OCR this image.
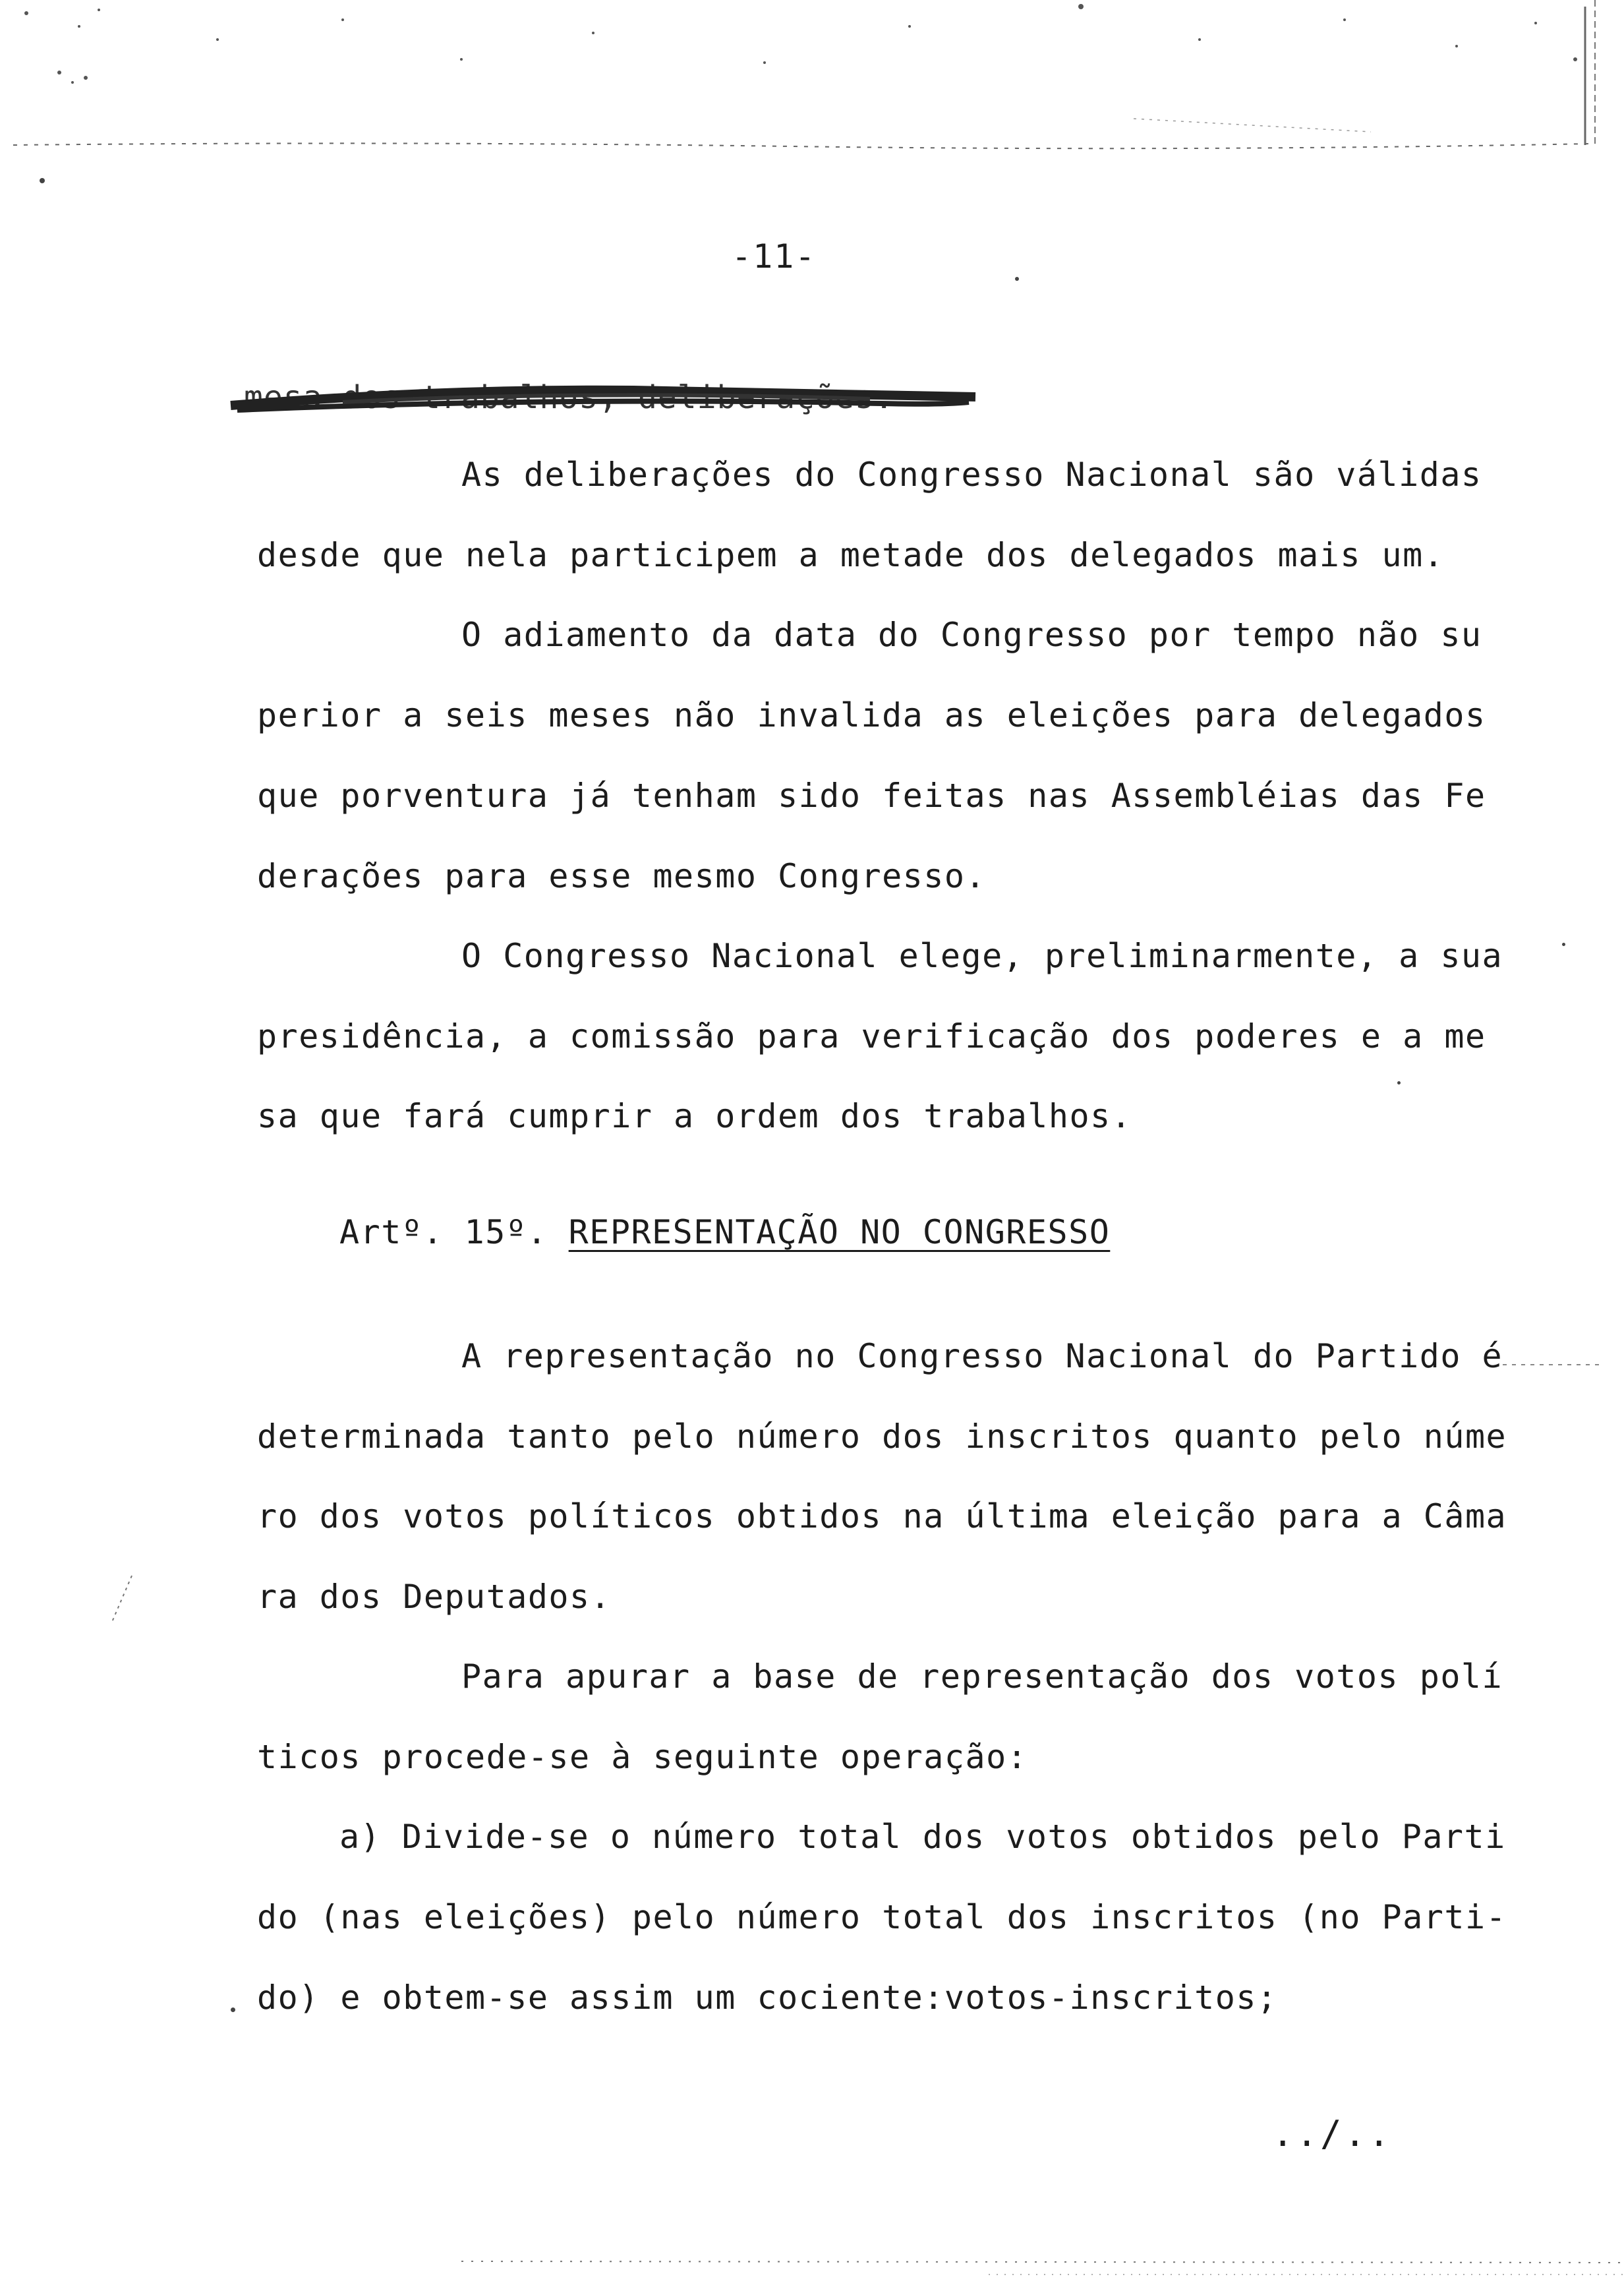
-11-
mesa dos trabalhos, deliberações.
As deliberações do Congresso Nacional são válidas
desde que nela participem a metade dos delegados mais um.
O adiamento da data do Congresso por tempo não su
perior a seis meses não invalida as eleições para delegados
que porventura já tenham sido feitas nas Assembléias das Fe
derações para esse mesmo Congresso.
O Congresso Nacional elege, preliminarmente, a sua
presidência, a comissão para verificação dos poderes e a me
sa que fará cumprir a ordem dos trabalhos.
Artº. 15º. REPRESENTAÇÃO NO CONGRESSO
A representação no Congresso Nacional do Partido é
determinada tanto pelo número dos inscritos quanto pelo núme
ro dos votos políticos obtidos na última eleição para a Câma
ra dos Deputados.
Para apurar a base de representação dos votos polí
ticos procede-se à seguinte operação:
a) Divide-se o número total dos votos obtidos pelo Parti
do (nas eleições) pelo número total dos inscritos (no Parti-
do) e obtem-se assim um cociente:votos-inscritos;
../..
